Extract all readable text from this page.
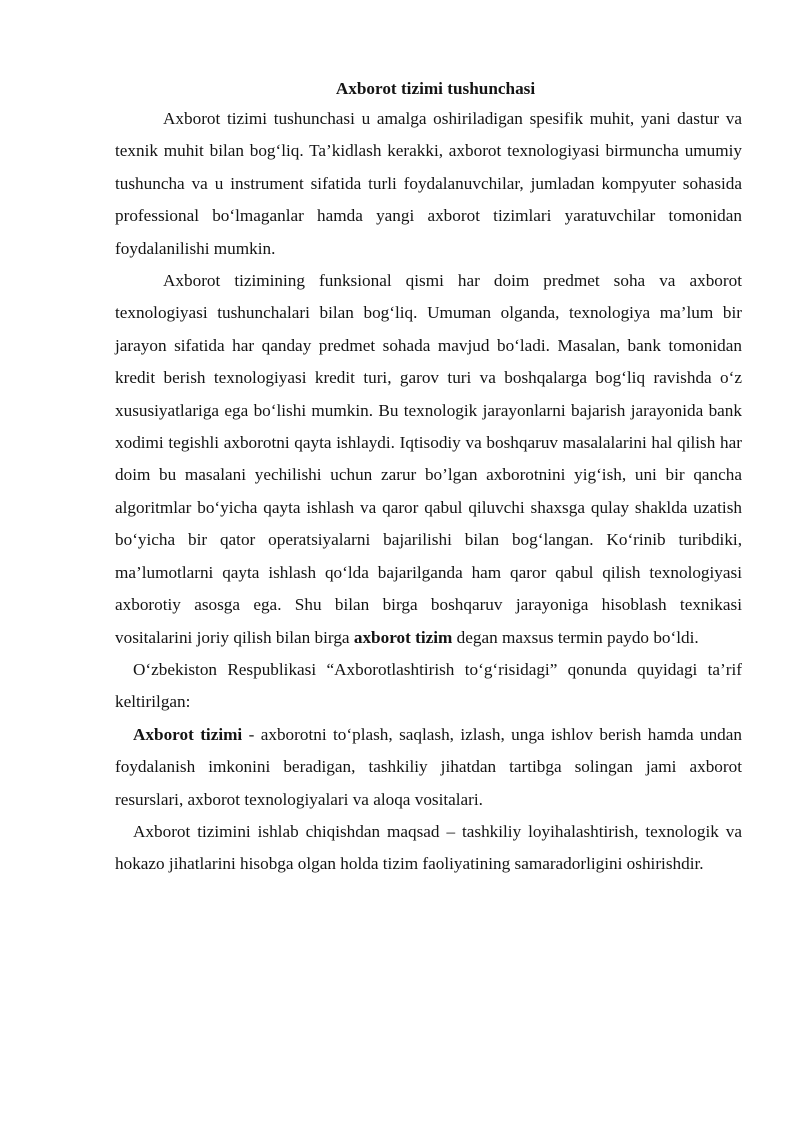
Axborot tizimi tushunchasi

Axborot tizimi tushunchasi u amalga oshiriladigan spesifik muhit, yani dastur va texnik muhit bilan bog‘liq. Ta’kidlash kerakki, axborot texnologiyasi birmuncha umumiy tushuncha va u instrument sifatida turli foydalanuvchilar, jumladan kompyuter sohasida professional bo‘lmaganlar hamda yangi axborot tizimlari yaratuvchilar tomonidan foydalanilishi mumkin.

Axborot tizimining funksional qismi har doim predmet soha va axborot texnologiyasi tushunchalari bilan bog‘liq. Umuman olganda, texnologiya ma’lum bir jarayon sifatida har qanday predmet sohada mavjud bo‘ladi. Masalan, bank tomonidan kredit berish texnologiyasi kredit turi, garov turi va boshqalarga bog‘liq ravishda o‘z xususiyatlariga ega bo‘lishi mumkin. Bu texnologik jarayonlarni bajarish jarayonida bank xodimi tegishli axborotni qayta ishlaydi. Iqtisodiy va boshqaruv masalalarini hal qilish har doim bu masalani yechilishi uchun zarur bo’lgan axborotnini yig‘ish, uni bir qancha algoritmlar bo‘yicha qayta ishlash va qaror qabul qiluvchi shaxsga qulay shaklda uzatish bo‘yicha bir qator operatsiyalarni bajarilishi bilan bog‘langan. Ko‘rinib turibdiki, ma’lumotlarni qayta ishlash qo‘lda bajarilganda ham qaror qabul qilish texnologiyasi axborotiy asosga ega. Shu bilan birga boshqaruv jarayoniga hisoblash texnikasi vositalarini joriy qilish bilan birga axborot tizim degan maxsus termin paydo bo‘ldi.

O‘zbekiston Respublikasi “Axborotlashtirish to‘g‘risidagi” qonunda quyidagi ta’rif keltirilgan:

Axborot tizimi - axborotni to‘plash, saqlash, izlash, unga ishlov berish hamda undan foydalanish imkonini beradigan, tashkiliy jihatdan tartibga solingan jami axborot resurslari, axborot texnologiyalari va aloqa vositalari.

Axborot tizimini ishlab chiqishdan maqsad – tashkiliy loyihalashtirish, texnologik va hokazo jihatlarini hisobga olgan holda tizim faoliyatining samaradorligini oshirishdir.
